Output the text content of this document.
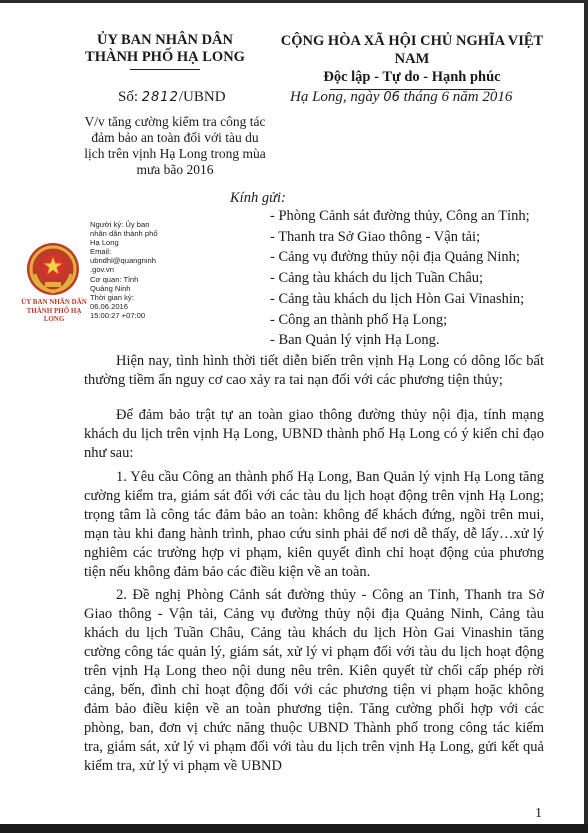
ỦY BAN NHÂN DÂN
THÀNH PHỐ HẠ LONG
CỘNG HÒA XÃ HỘI CHỦ NGHĨA VIỆT NAM
Độc lập - Tự do - Hạnh phúc
Số: 2812/UBND	Hạ Long, ngày 06 tháng 6 năm 2016
V/v tăng cường kiểm tra công tác đảm bảo an toàn đối với tàu du lịch trên vịnh Hạ Long trong mùa mưa bão 2016
Kính gửi:
- Phòng Cảnh sát đường thủy, Công an Tỉnh;
- Thanh tra Sở Giao thông - Vận tải;
- Cảng vụ đường thủy nội địa Quảng Ninh;
- Cảng tàu khách du lịch Tuần Châu;
- Cảng tàu khách du lịch Hòn Gai Vinashin;
- Công an thành phố Hạ Long;
- Ban Quản lý vịnh Hạ Long.
ỦY BAN NHÂN DÂN
THÀNH PHỐ HẠ LONG
Người ký: Ủy ban
nhân dân thành phố
Hạ Long
Email:
ubndhl@quangninh
.gov.vn
Cơ quan: Tỉnh
Quảng Ninh
Thời gian ký:
06.06.2016
15:00:27 +07:00
Hiện nay, tình hình thời tiết diễn biến trên vịnh Hạ Long có dông lốc bất thường tiềm ẩn nguy cơ cao xảy ra tai nạn đối với các phương tiện thủy;
Để đảm bảo trật tự an toàn giao thông đường thủy nội địa, tính mạng khách du lịch trên vịnh Hạ Long, UBND thành phố Hạ Long có ý kiến chỉ đạo như sau:
1. Yêu cầu Công an thành phố Hạ Long, Ban Quản lý vịnh Hạ Long tăng cường kiểm tra, giám sát đối với các tàu du lịch hoạt động trên vịnh Hạ Long; trọng tâm là công tác đảm bảo an toàn: không để khách đứng, ngồi trên mui, mạn tàu khi đang hành trình, phao cứu sinh phải để nơi dễ thấy, dễ lấy…xử lý nghiêm các trường hợp vi phạm, kiên quyết đình chỉ hoạt động của phương tiện nếu không đảm bảo các điều kiện về an toàn.
2. Đề nghị Phòng Cảnh sát đường thủy - Công an Tỉnh, Thanh tra Sở Giao thông - Vận tải, Cảng vụ đường thủy nội địa Quảng Ninh, Cảng tàu khách du lịch Tuần Châu, Cảng tàu khách du lịch Hòn Gai Vinashin tăng cường công tác quản lý, giám sát, xử lý vi phạm đối với tàu du lịch hoạt động trên vịnh Hạ Long theo nội dung nêu trên. Kiên quyết từ chối cấp phép rời cảng, bến, đình chỉ hoạt động đối với các phương tiện vi phạm hoặc không đảm bảo điều kiện về an toàn phương tiện. Tăng cường phối hợp với các phòng, ban, đơn vị chức năng thuộc UBND Thành phố trong công tác kiểm tra, giám sát, xử lý vi phạm đối với tàu du lịch trên vịnh Hạ Long, gửi kết quả kiểm tra, xử lý vi phạm về UBND
1
